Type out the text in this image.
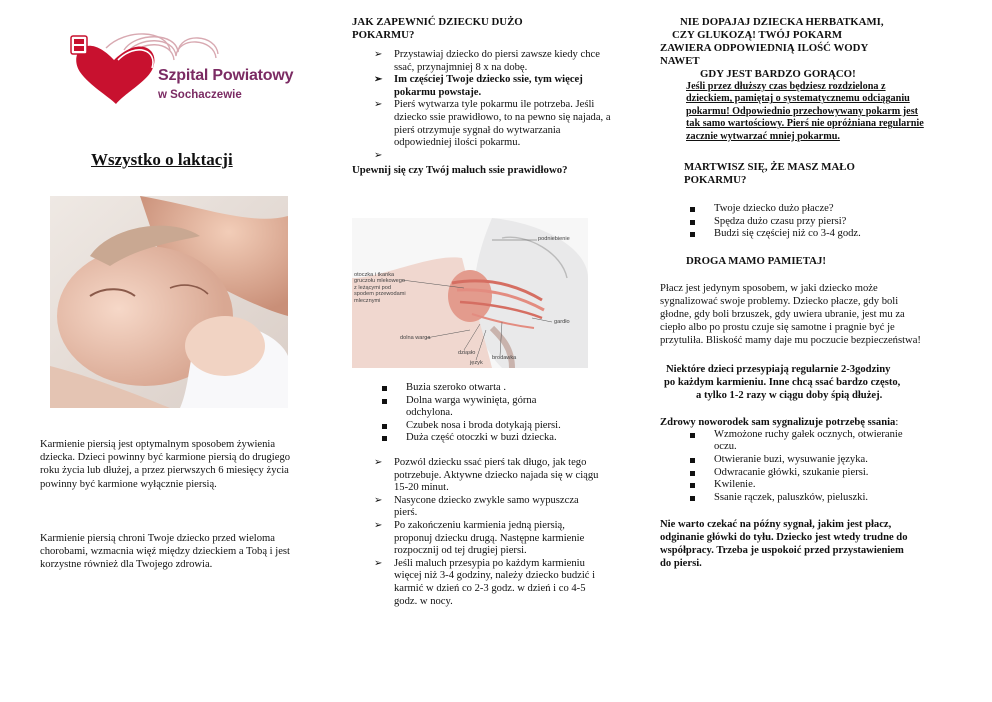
Szpital Powiatowy
w Sochaczewie
Wszystko o laktacji

Karmienie piersią jest optymalnym sposobem żywienia dziecka. Dzieci powinny być karmione piersią do drugiego roku życia lub dłużej, a przez pierwszych 6 miesięcy życia powinny być karmione wyłącznie piersią.

Karmienie piersią chroni Twoje dziecko przed wieloma chorobami, wzmacnia więź między dzieckiem a Tobą i jest korzystne również dla Twojego zdrowia.

JAK ZAPEWNIĆ DZIECKU DUŻO POKARMU?
➢ Przystawiaj dziecko do piersi zawsze kiedy chce ssać, przynajmniej 8 x na dobę.
➢ Im częściej Twoje dziecko ssie, tym więcej pokarmu powstaje.
➢ Pierś wytwarza tyle pokarmu ile potrzeba. Jeśli dziecko ssie prawidłowo, to na pewno się najada, a pierś otrzymuje sygnał do wytwarzania odpowiedniej ilości pokarmu.
➢
Upewnij się czy Twój maluch ssie prawidłowo?
otoczka i tkanka gruczołu mlekowego z leżącymi pod spodem przewodami mlecznymi
podniebienie
gardło
dolna warga
dziąsło
język
brodawka
Buzia szeroko otwarta .
Dolna warga wywinięta, górna odchylona.
Czubek nosa i broda dotykają piersi.
Duża część otoczki w buzi dziecka.
➢ Pozwól dziecku ssać pierś tak długo, jak tego potrzebuje. Aktywne dziecko najada się w ciągu 15-20 minut.
➢ Nasycone dziecko zwykle samo wypuszcza pierś.
➢ Po zakończeniu karmienia jedną piersią, proponuj dziecku drugą. Następne karmienie rozpocznij od tej drugiej piersi.
➢ Jeśli maluch przesypia po każdym karmieniu więcej niż 3-4 godziny, należy dziecko budzić i karmić w dzień co 2-3 godz. w dzień i co 4-5 godz. w nocy.
NIE DOPAJAJ DZIECKA HERBATKAMI,
CZY GLUKOZĄ! TWÓJ POKARM
ZAWIERA ODPOWIEDNIĄ ILOŚĆ WODY NAWET
GDY JEST BARDZO GORĄCO!

Jeśli przez dłuższy czas będziesz rozdzielona z dzieckiem, pamiętaj o systematycznemu odciąganiu pokarmu! Odpowiednio przechowywany pokarm jest tak samo wartościowy. Pierś nie opróżniana regularnie zacznie wytwarzać mniej pokarmu.

MARTWISZ SIĘ, ŻE MASZ MAŁO POKARMU?
Twoje dziecko dużo płacze?
Spędza dużo czasu przy piersi?
Budzi się częściej niż co 3-4 godz.
DROGA MAMO PAMIETAJ!

Płacz jest jedynym sposobem, w jaki dziecko może sygnalizować swoje problemy. Dziecko płacze, gdy boli głodne, gdy boli brzuszek, gdy uwiera ubranie, jest mu za ciepło albo po prostu czuje się samotne i pragnie być je przytuliła. Bliskość mamy daje mu poczucie bezpieczeństwa!

Niektóre dzieci przesypiają regularnie 2-3godziny
po każdym karmieniu. Inne chcą ssać bardzo często,
a tylko 1-2 razy w ciągu doby śpią dłużej.

Zdrowy noworodek sam sygnalizuje potrzebę ssania:

Wzmożone ruchy gałek ocznych, otwieranie oczu.
Otwieranie buzi, wysuwanie języka.
Odwracanie główki, szukanie piersi.
Kwilenie.
Ssanie rączek, paluszków, pieluszki.

Nie warto czekać na późny sygnał, jakim jest płacz, odginanie główki do tyłu. Dziecko jest wtedy trudne do współpracy. Trzeba je uspokoić przed przystawieniem do piersi.
